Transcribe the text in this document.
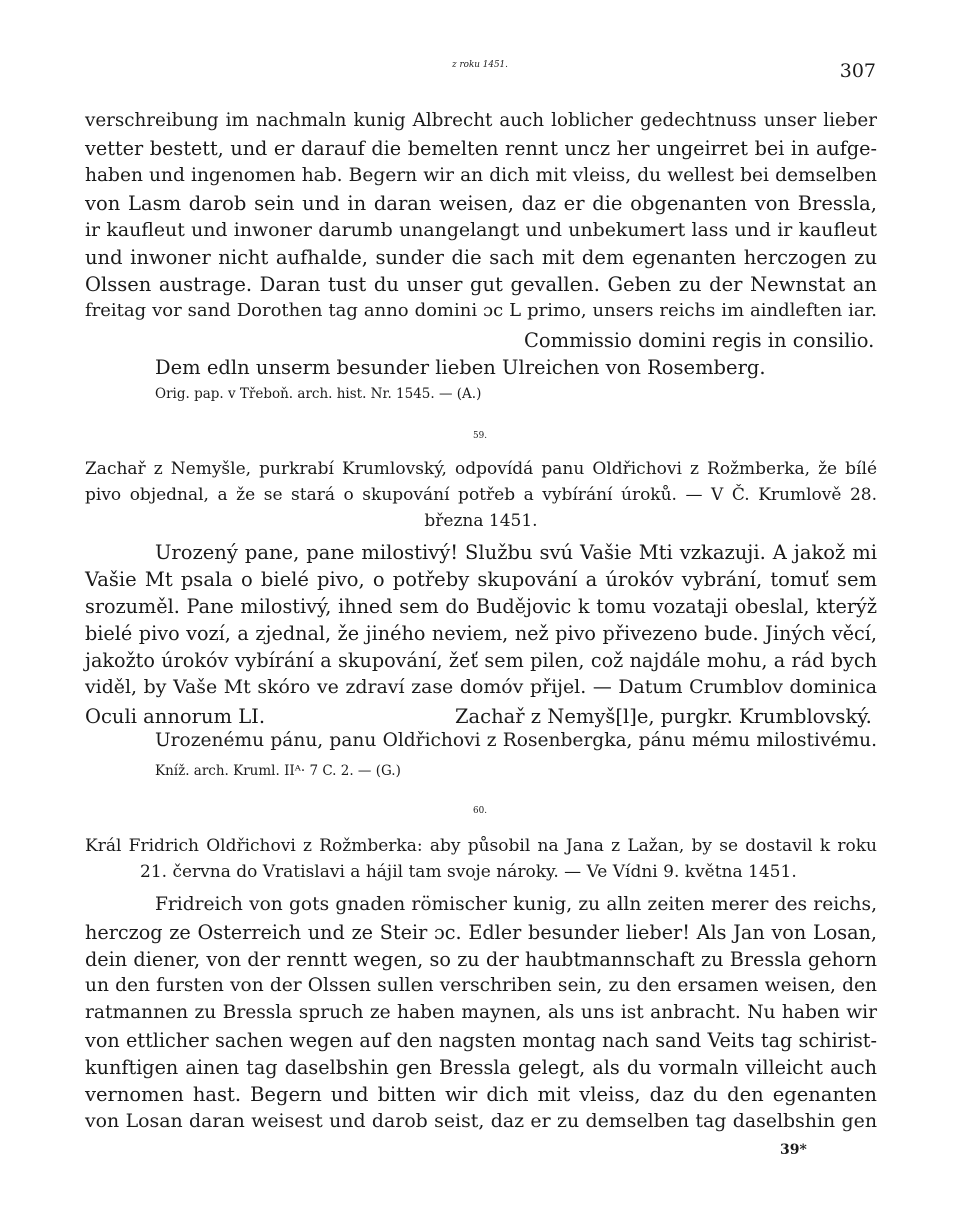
z roku 1451.	307
verschreibung im nachmaln kunig Albrecht auch loblicher gedechtnuss unser lieber
vetter bestett, und er darauf die bemelten rennt uncz her ungeirret bei in aufge-
haben und ingenomen hab. Begern wir an dich mit vleiss, du wellest bei demselben
von Lasm darob sein und in daran weisen, daz er die obgenanten von Bressla,
ir kaufleut und inwoner darumb unangelangt und unbekumert lass und ir kaufleut
und inwoner nicht aufhalde, sunder die sach mit dem egenanten herczogen zu
Olssen austrage. Daran tust du unser gut gevallen. Geben zu der Newnstat an
freitag vor sand Dorothen tag anno domini ɔc L primo, unsers reichs im aindleften iar.
Commissio domini regis in consilio.
Dem edln unserm besunder lieben Ulreichen von Rosemberg.
Orig. pap. v Třeboň. arch. hist. Nr. 1545. — (A.)
59.
Zachař z Nemyšle, purkrabí Krumlovský, odpovídá panu Oldřichovi z Rožmberka, že bílé
pivo objednal, a že se stará o skupování potřeb a vybírání úroků. — V Č. Krumlově 28.
března 1451.
Urozený pane, pane milostivý! Službu svú Vašie Mti vzkazuji. A jakož mi
Vašie Mt psala o bielé pivo, o potřeby skupování a úrokóv vybrání, tomuť sem
srozuměl. Pane milostivý, ihned sem do Budějovic k tomu vozataji obeslal, kterýž
bielé pivo vozí, a zjednal, že jiného neviem, než pivo přivezeno bude. Jiných věcí,
jakožto úrokóv vybírání a skupování, žeť sem pilen, což najdále mohu, a rád bych
viděl, by Vaše Mt skóro ve zdraví zase domóv přijel. — Datum Crumblov dominica
Oculi annorum LI.	Zachař z Nemyš[l]e, purgkr. Krumblovský.
Urozenému pánu, panu Oldřichovi z Rosenbergka, pánu mému milostivému.
Kníž. arch. Kruml. IIᴬ· 7 C. 2. — (G.)
60.
Král Fridrich Oldřichovi z Rožmberka: aby působil na Jana z Lažan, by se dostavil k roku
21. června do Vratislavi a hájil tam svoje nároky. — Ve Vídni 9. května 1451.
Fridreich von gots gnaden römischer kunig, zu alln zeiten merer des reichs,
herczog ze Osterreich und ze Steir ɔc. Edler besunder lieber! Als Jan von Losan,
dein diener, von der renntt wegen, so zu der haubtmannschaft zu Bressla gehorn
un den fursten von der Olssen sullen verschriben sein, zu den ersamen weisen, den
ratmannen zu Bressla spruch ze haben maynen, als uns ist anbracht. Nu haben wir
von ettlicher sachen wegen auf den nagsten montag nach sand Veits tag schirist-
kunftigen ainen tag daselbshin gen Bressla gelegt, als du vormaln villeicht auch
vernomen hast. Begern und bitten wir dich mit vleiss, daz du den egenanten
von Losan daran weisest und darob seist, daz er zu demselben tag daselbshin gen
39*
